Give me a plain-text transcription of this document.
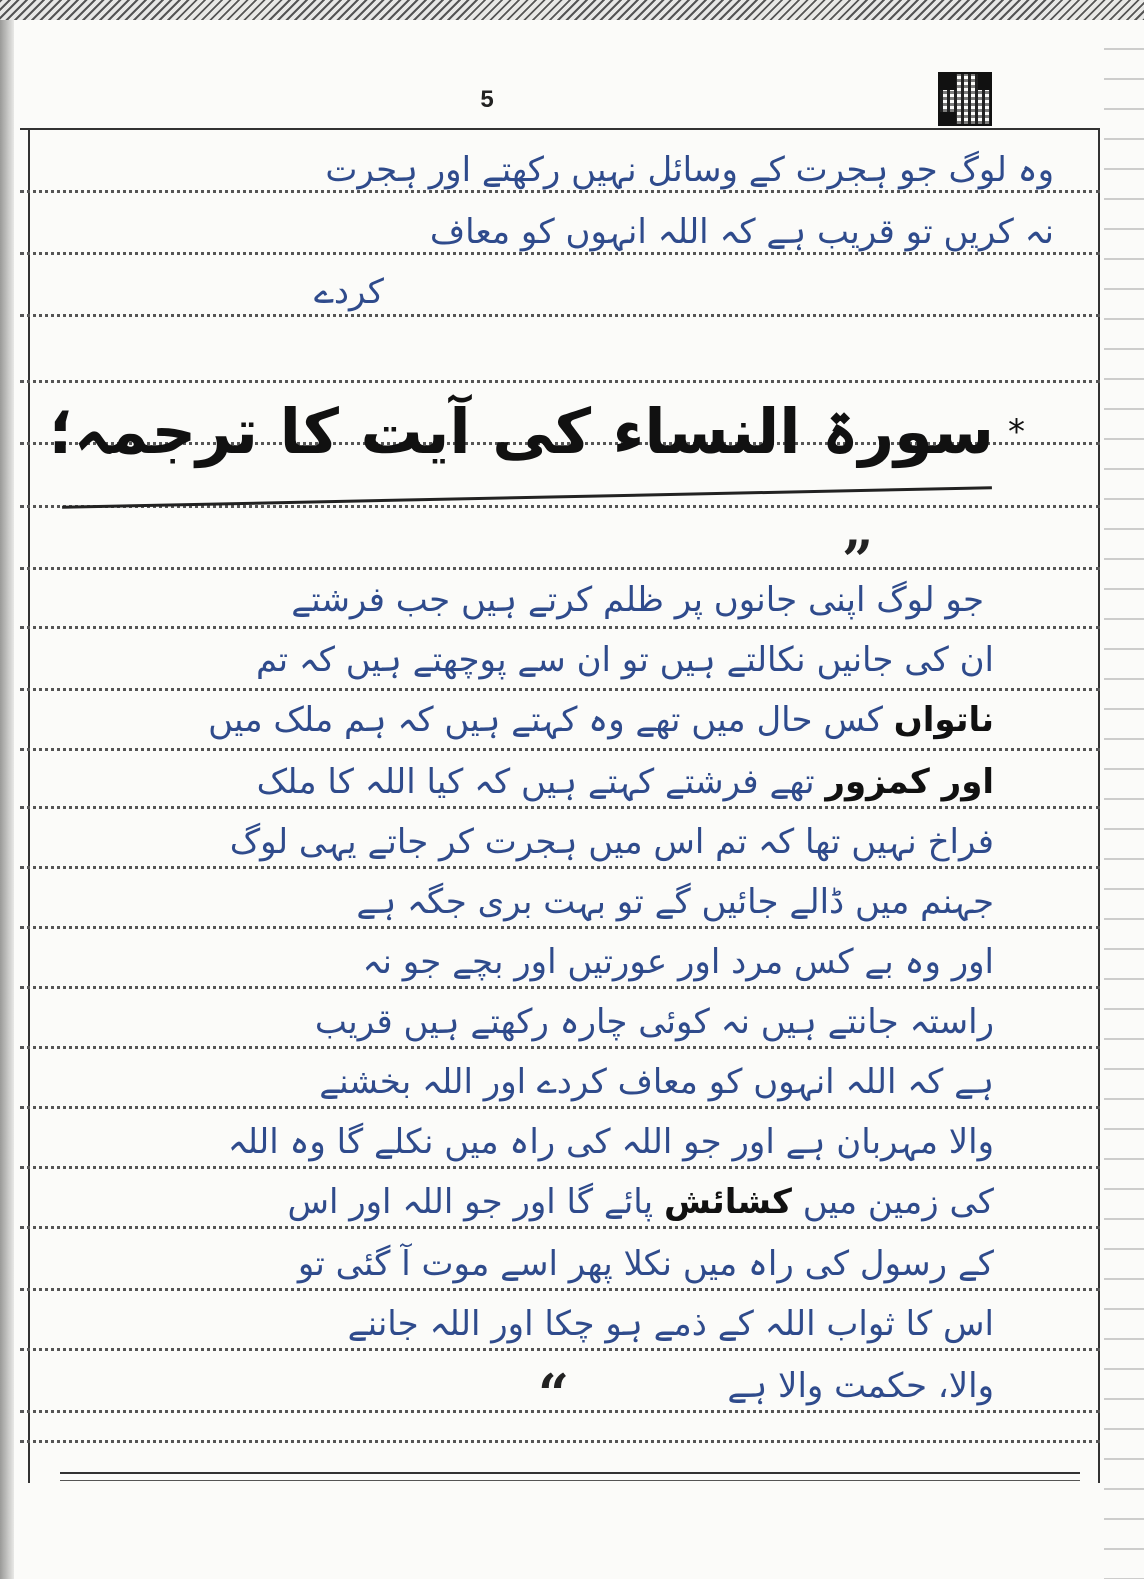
5
وہ لوگ جو ہجرت کے وسائل نہیں رکھتے اور ہجرت
نہ کریں تو قریب ہے کہ اللہ انہوں کو معاف
کردے
*
سورۃ النساء کی آیت کا ترجمہ؛
”
جو لوگ اپنی جانوں پر ظلم کرتے ہیں جب فرشتے
ان کی جانیں نکالتے ہیں تو ان سے پوچھتے ہیں کہ تم
ناتواں کس حال میں تھے وہ کہتے ہیں کہ ہم ملک میں
اور کمزور تھے فرشتے کہتے ہیں کہ کیا اللہ کا ملک
فراخ نہیں تھا کہ تم اس میں ہجرت کر جاتے یہی لوگ
جہنم میں ڈالے جائیں گے تو بہت بری جگہ ہے
اور وہ بے کس مرد اور عورتیں اور بچے جو نہ
راستہ جانتے ہیں نہ کوئی چارہ رکھتے ہیں قریب
ہے کہ اللہ انہوں کو معاف کردے اور اللہ بخشنے
والا مہربان ہے اور جو اللہ کی راہ میں نکلے گا وہ اللہ
کی زمین میں کشائش پائے گا اور جو اللہ اور اس
کے رسول کی راہ میں نکلا پھر اسے موت آ گئی تو
اس کا ثواب اللہ کے ذمے ہو چکا اور اللہ جاننے
والا، حکمت والا ہے
“
